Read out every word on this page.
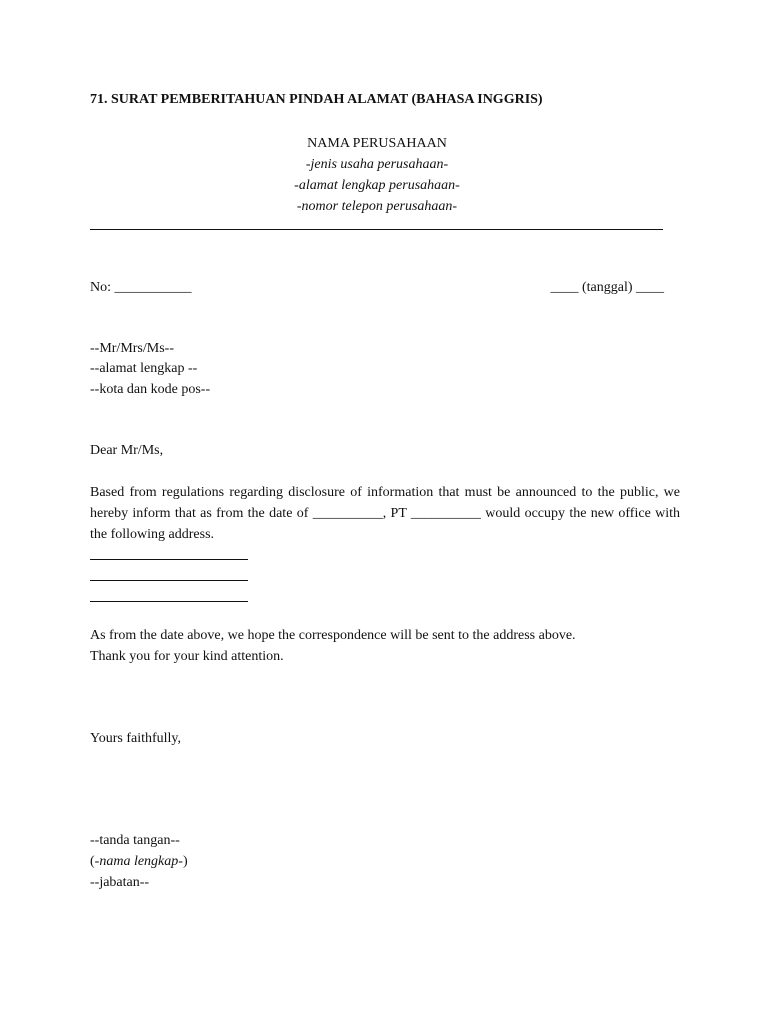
71. SURAT PEMBERITAHUAN PINDAH ALAMAT (BAHASA INGGRIS)
NAMA PERUSAHAAN
-jenis usaha perusahaan-
-alamat lengkap perusahaan-
-nomor telepon perusahaan-
No: ___________	____ (tanggal) ____
--Mr/Mrs/Ms--
--alamat lengkap --
--kota dan kode pos--
Dear Mr/Ms,
Based from regulations regarding disclosure of information that must be announced to the public, we hereby inform that as from the date of __________, PT __________ would occupy the new office with the following address.
As from the date above, we hope the correspondence will be sent to the address above.
Thank you for your kind attention.
Yours faithfully,
--tanda tangan--
(-nama lengkap-)
--jabatan--
